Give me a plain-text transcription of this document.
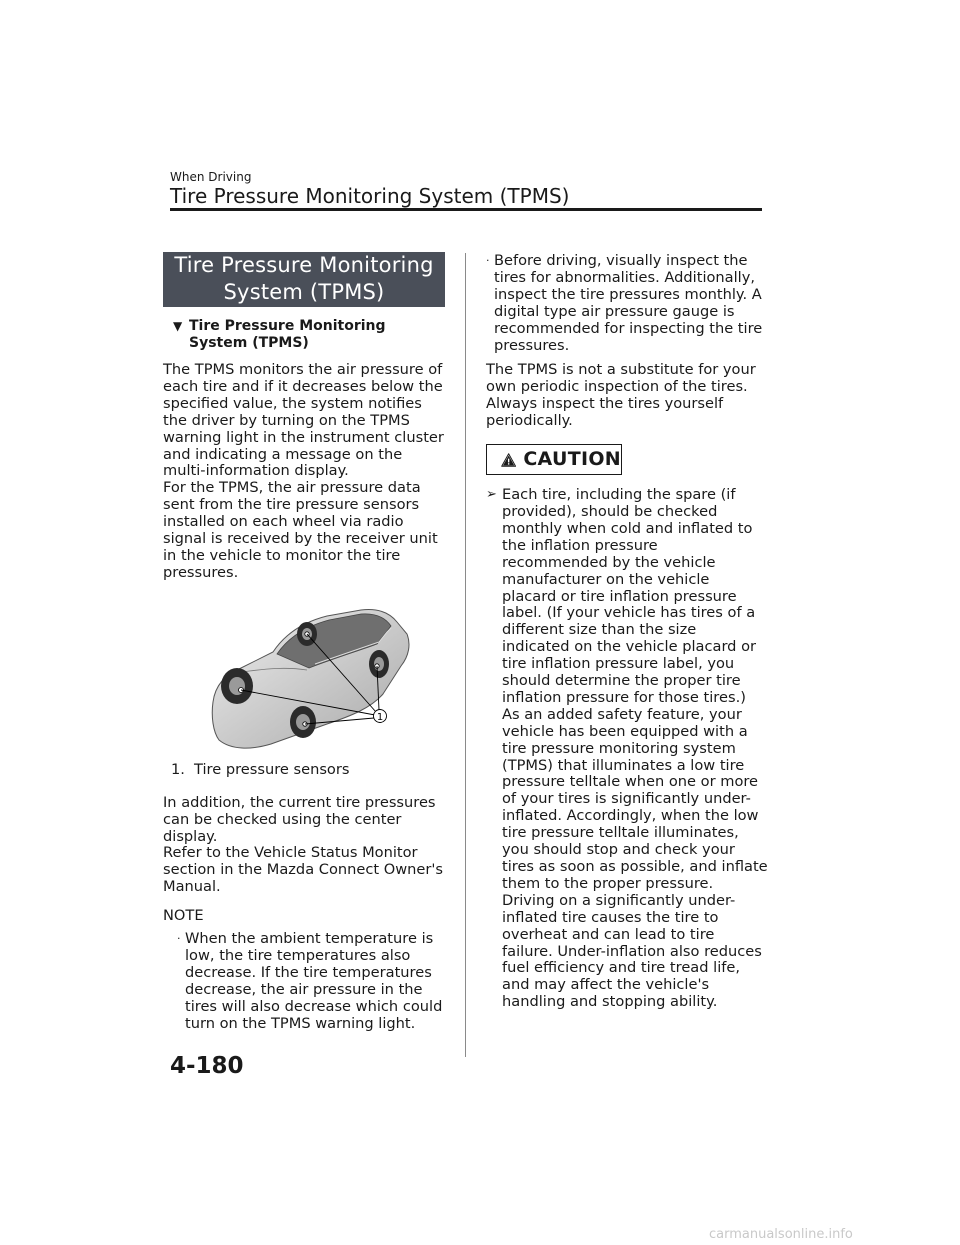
When Driving
Tire Pressure Monitoring System (TPMS)
Tire Pressure Monitoring
System (TPMS)
▼ Tire Pressure Monitoring System (TPMS)

The TPMS monitors the air pressure of each tire and if it decreases below the specified value, the system notifies the driver by turning on the TPMS warning light in the instrument cluster and indicating a message on the multi-information display.

For the TPMS, the air pressure data sent from the tire pressure sensors installed on each wheel via radio signal is received by the receiver unit in the vehicle to monitor the tire pressures.

1
1. Tire pressure sensors

In addition, the current tire pressures can be checked using the center display.

Refer to the Vehicle Status Monitor section in the Mazda Connect Owner's Manual.

NOTE
· When the ambient temperature is low, the tire temperatures also decrease. If the tire temperatures decrease, the air pressure in the tires will also decrease which could turn on the TPMS warning light.
· Before driving, visually inspect the tires for abnormalities. Additionally, inspect the tire pressures monthly. A digital type air pressure gauge is recommended for inspecting the tire pressures.

The TPMS is not a substitute for your own periodic inspection of the tires. Always inspect the tires yourself periodically.

CAUTION
➢ Each tire, including the spare (if provided), should be checked monthly when cold and inflated to the inflation pressure recommended by the vehicle manufacturer on the vehicle placard or tire inflation pressure label. (If your vehicle has tires of a different size than the size indicated on the vehicle placard or tire inflation pressure label, you should determine the proper tire inflation pressure for those tires.)
As an added safety feature, your vehicle has been equipped with a tire pressure monitoring system (TPMS) that illuminates a low tire pressure telltale when one or more of your tires is significantly under-inflated. Accordingly, when the low tire pressure telltale illuminates, you should stop and check your tires as soon as possible, and inflate them to the proper pressure. Driving on a significantly under-inflated tire causes the tire to overheat and can lead to tire failure. Under-inflation also reduces fuel efficiency and tire tread life, and may affect the vehicle's handling and stopping ability.
4-180
carmanualsonline.info
